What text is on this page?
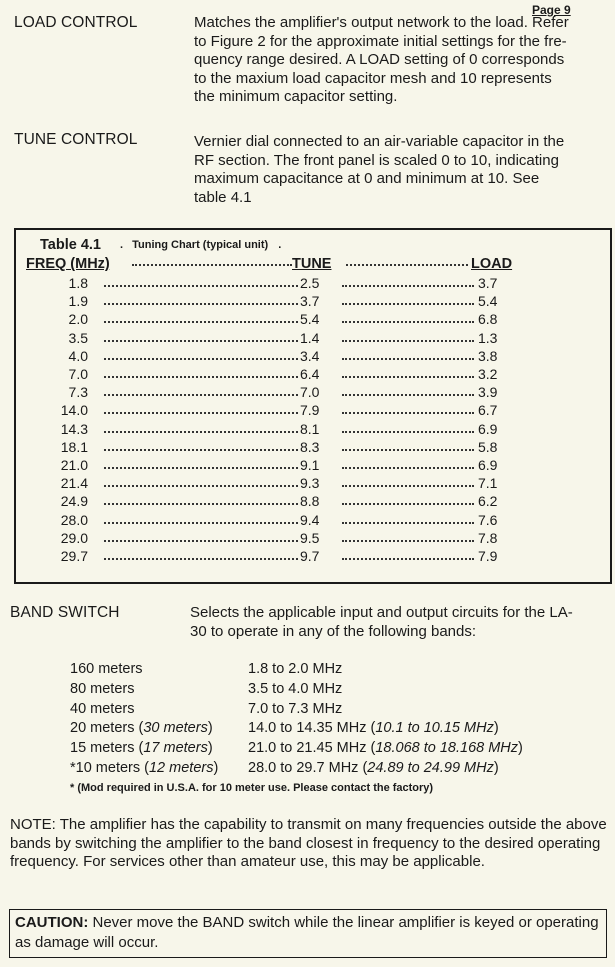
Page 9
LOAD CONTROL	Matches the amplifier's output network to the load. Refer
to Figure 2 for the approximate initial settings for the fre-
quency range desired. A LOAD setting of 0 corresponds
to the maxium load capacitor mesh and 10 represents
the minimum capacitor setting.
TUNE CONTROL	Vernier dial connected to an air-variable capacitor in the
RF section. The front panel is scaled 0 to 10, indicating
maximum capacitance at 0 and minimum at 10. See
table 4.1
Table 4.1 . Tuning Chart (typical unit) .
FREQ (MHz)	TUNE	LOAD
1.8	2.5	3.7
1.9	3.7	5.4
2.0	5.4	6.8
3.5	1.4	1.3
4.0	3.4	3.8
7.0	6.4	3.2
7.3	7.0	3.9
14.0	7.9	6.7
14.3	8.1	6.9
18.1	8.3	5.8
21.0	9.1	6.9
21.4	9.3	7.1
24.9	8.8	6.2
28.0	9.4	7.6
29.0	9.5	7.8
29.7	9.7	7.9
BAND SWITCH	Selects the applicable input and output circuits for the LA-
30 to operate in any of the following bands:
160 meters	1.8 to 2.0 MHz
80 meters	3.5 to 4.0 MHz
40 meters	7.0 to 7.3 MHz
20 meters (30 meters) 14.0 to 14.35 MHz (10.1 to 10.15 MHz)
15 meters (17 meters) 21.0 to 21.45 MHz (18.068 to 18.168 MHz)
*10 meters (12 meters) 28.0 to 29.7 MHz (24.89 to 24.99 MHz)
* (Mod required in U.S.A. for 10 meter use. Please contact the factory)
NOTE: The amplifier has the capability to transmit on many frequencies outside the above bands by switching the amplifier to the band closest in frequency to the desired operating frequency. For services other than amateur use, this may be applicable.
CAUTION: Never move the BAND switch while the linear amplifier is keyed or operating as damage will occur.
